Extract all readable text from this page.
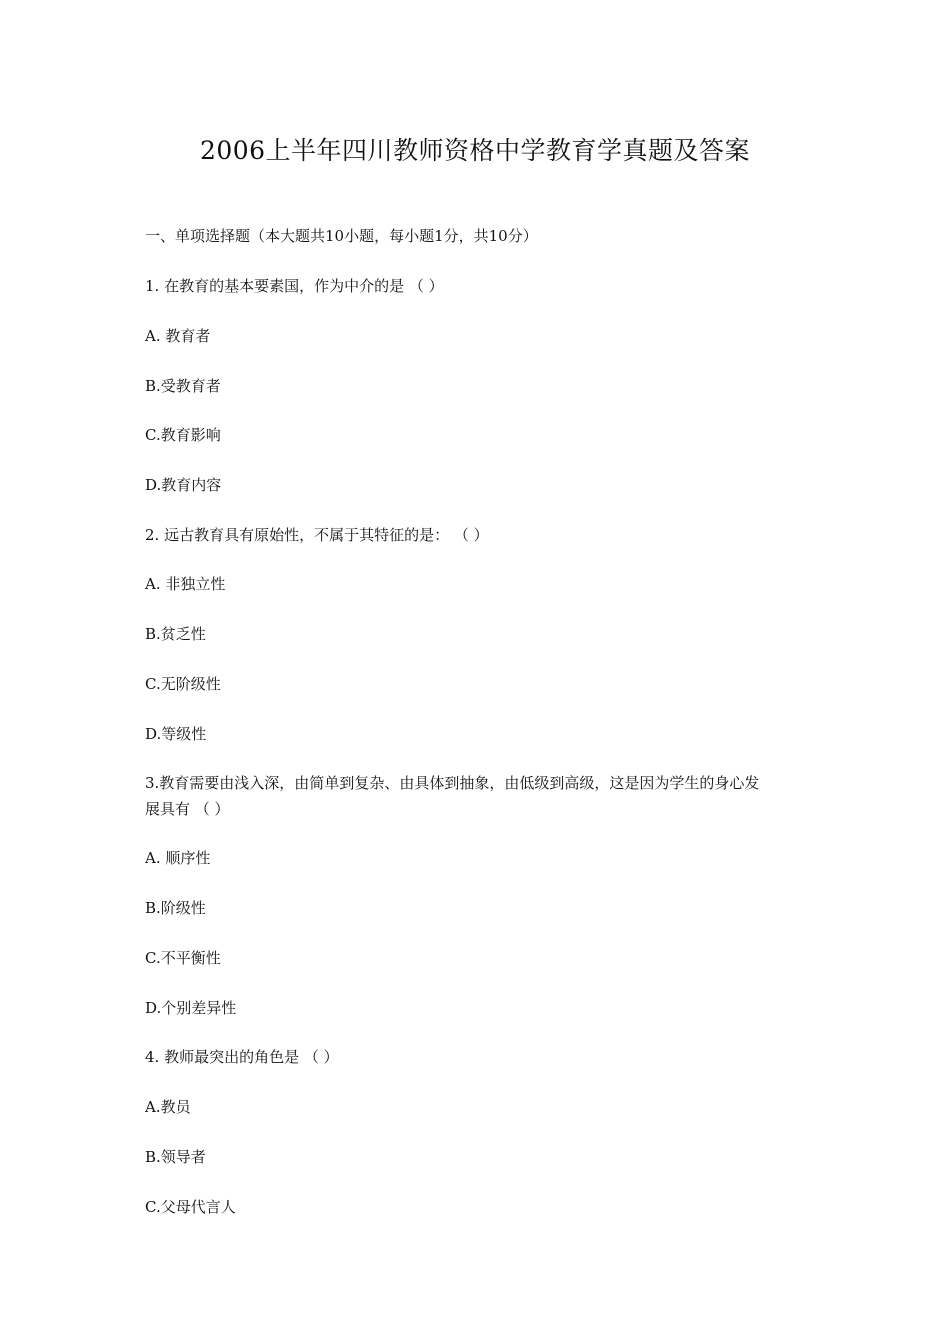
2006上半年四川教师资格中学教育学真题及答案
一、单项选择题（本大题共10小题，每小题1分，共10分）
1. 在教育的基本要素国，作为中介的是 （ ）
A. 教育者
B.受教育者
C.教育影响
D.教育内容
2. 远古教育具有原始性，不属于其特征的是： （ ）
A. 非独立性
B.贫乏性
C.无阶级性
D.等级性
3.教育需要由浅入深，由简单到复杂、由具体到抽象，由低级到高级，这是因为学生的身心发
展具有 （ ）
A. 顺序性
B.阶级性
C.不平衡性
D.个别差异性
4. 教师最突出的角色是 （ ）
A.教员
B.领导者
C.父母代言人
